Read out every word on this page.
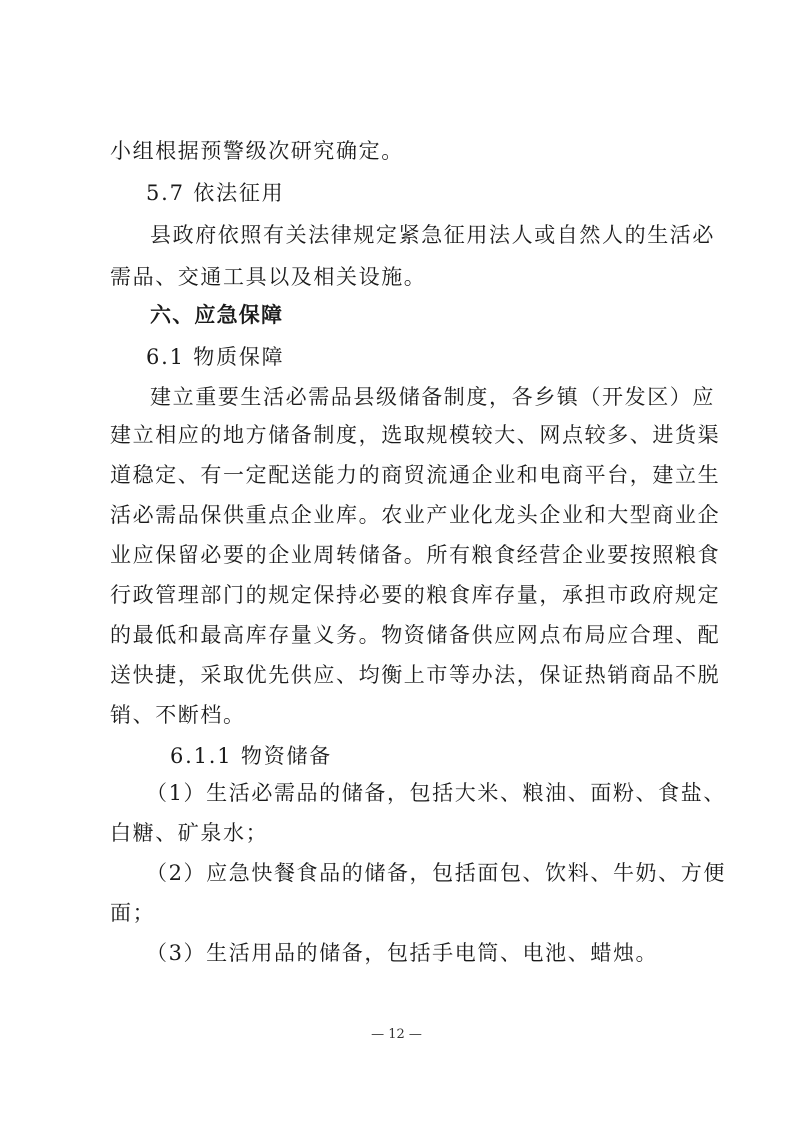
小组根据预警级次研究确定。
5.7 依法征用
县政府依照有关法律规定紧急征用法人或自然人的生活必
需品、交通工具以及相关设施。
六、应急保障
6.1 物质保障
建立重要生活必需品县级储备制度，各乡镇（开发区）应
建立相应的地方储备制度，选取规模较大、网点较多、进货渠
道稳定、有一定配送能力的商贸流通企业和电商平台，建立生
活必需品保供重点企业库。农业产业化龙头企业和大型商业企
业应保留必要的企业周转储备。所有粮食经营企业要按照粮食
行政管理部门的规定保持必要的粮食库存量，承担市政府规定
的最低和最高库存量义务。物资储备供应网点布局应合理、配
送快捷，采取优先供应、均衡上市等办法，保证热销商品不脱
销、不断档。
6.1.1 物资储备
（1）生活必需品的储备，包括大米、粮油、面粉、食盐、
白糖、矿泉水；
（2）应急快餐食品的储备，包括面包、饮料、牛奶、方便
面；
（3）生活用品的储备，包括手电筒、电池、蜡烛。
— 12 —
